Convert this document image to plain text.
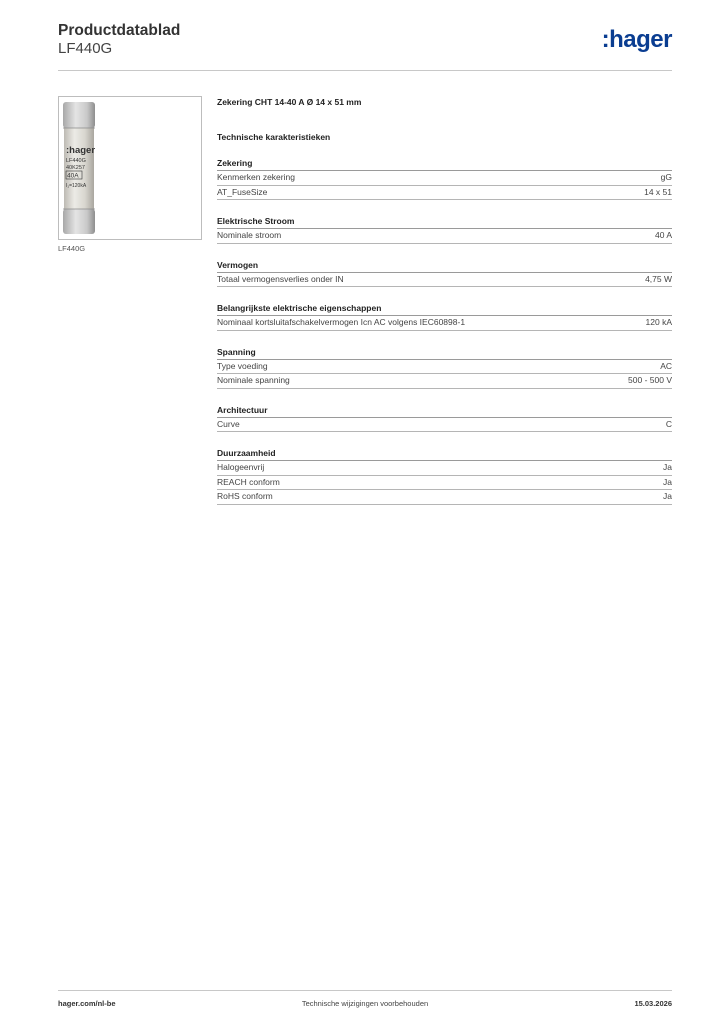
Productdatablad
LF440G	:hager
:hager
LF440G
40K257
40A
I₁=120kA
LF440G
Zekering CHT 14-40 A Ø 14 x 51 mm
Technische karakteristieken
Zekering
Kenmerken zekering	gG
AT_FuseSize	14 x 51
Elektrische Stroom
Nominale stroom	40 A
Vermogen
Totaal vermogensverlies onder IN	4,75 W
Belangrijkste elektrische eigenschappen
Nominaal kortsluitafschakelvermogen Icn AC volgens IEC60898-1	120 kA
Spanning
Type voeding	AC
Nominale spanning	500 - 500 V
Architectuur
Curve	C
Duurzaamheid
Halogeenvrij	Ja
REACH conform	Ja
RoHS conform	Ja
hager.com/nl-be	Technische wijzigingen voorbehouden	15.03.2026
